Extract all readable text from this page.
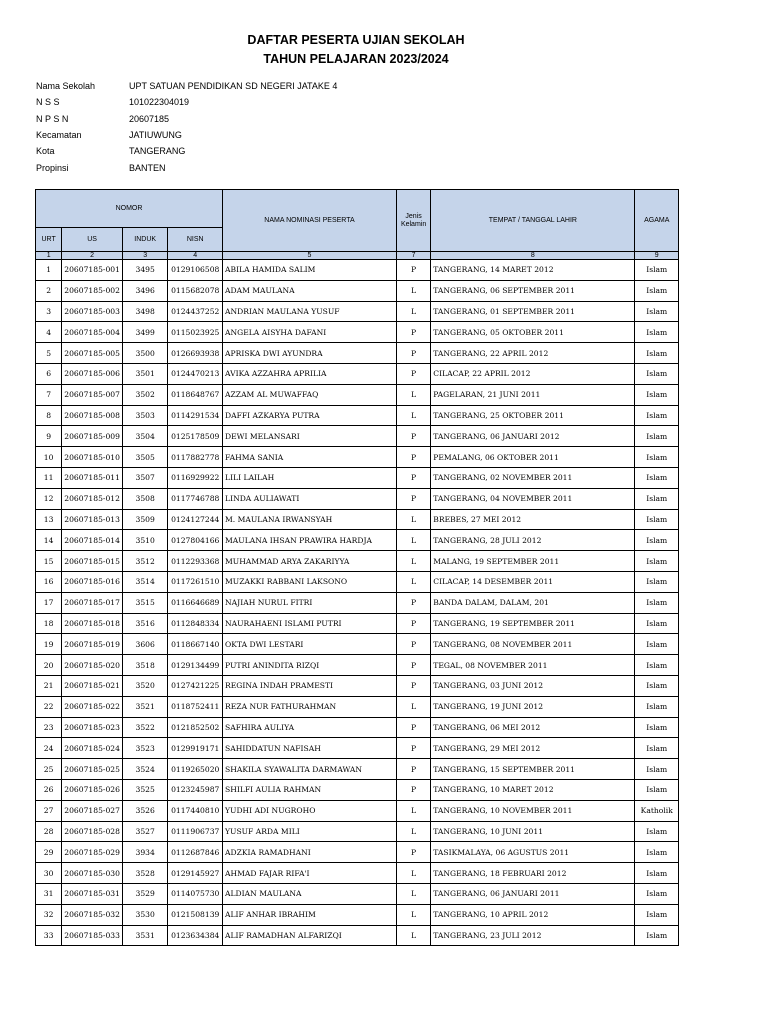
DAFTAR PESERTA UJIAN SEKOLAH
TAHUN PELAJARAN 2023/2024
Nama Sekolah	UPT SATUAN PENDIDIKAN SD NEGERI JATAKE 4
N S S	101022304019
N P S N	20607185
Kecamatan	JATIUWUNG
Kota	TANGERANG
Propinsi	BANTEN
NOMOR				NAMA NOMINASI PESERTA	Jenis Kelamin	TEMPAT / TANGGAL LAHIR	AGAMA
URT	US	INDUK	NISN				
1	2	3	4	5	7	8	9
1	20607185-001	3495	0129106508	ABILA HAMIDA SALIM	P	TANGERANG, 14 MARET 2012	Islam
2	20607185-002	3496	0115682078	ADAM MAULANA	L	TANGERANG, 06 SEPTEMBER 2011	Islam
3	20607185-003	3498	0124437252	ANDRIAN MAULANA YUSUF	L	TANGERANG, 01 SEPTEMBER 2011	Islam
4	20607185-004	3499	0115023925	ANGELA AISYHA DAFANI	P	TANGERANG, 05 OKTOBER 2011	Islam
5	20607185-005	3500	0126693938	APRISKA DWI AYUNDRA	P	TANGERANG, 22 APRIL 2012	Islam
6	20607185-006	3501	0124470213	AVIKA AZZAHRA APRILIA	P	CILACAP, 22 APRIL 2012	Islam
7	20607185-007	3502	0118648767	AZZAM AL MUWAFFAQ	L	PAGELARAN, 21 JUNI 2011	Islam
8	20607185-008	3503	0114291534	DAFFI AZKARYA PUTRA	L	TANGERANG, 25 OKTOBER 2011	Islam
9	20607185-009	3504	0125178509	DEWI MELANSARI	P	TANGERANG, 06 JANUARI 2012	Islam
10	20607185-010	3505	0117882778	FAHMA SANIA	P	PEMALANG, 06 OKTOBER 2011	Islam
11	20607185-011	3507	0116929922	LILI LAILAH	P	TANGERANG, 02 NOVEMBER 2011	Islam
12	20607185-012	3508	0117746788	LINDA AULIAWATI	P	TANGERANG, 04 NOVEMBER 2011	Islam
13	20607185-013	3509	0124127244	M. MAULANA IRWANSYAH	L	BREBES, 27 MEI 2012	Islam
14	20607185-014	3510	0127804166	MAULANA IHSAN PRAWIRA HARDJA	L	TANGERANG, 28 JULI 2012	Islam
15	20607185-015	3512	0112293368	MUHAMMAD ARYA ZAKARIYYA	L	MALANG, 19 SEPTEMBER 2011	Islam
16	20607185-016	3514	0117261510	MUZAKKI RABBANI LAKSONO	L	CILACAP, 14 DESEMBER 2011	Islam
17	20607185-017	3515	0116646689	NAJIAH NURUL FITRI	P	BANDA DALAM, DALAM, 201	Islam
18	20607185-018	3516	0112848334	NAURAHAENI ISLAMI PUTRI	P	TANGERANG, 19 SEPTEMBER 2011	Islam
19	20607185-019	3606	0118667140	OKTA DWI LESTARI	P	TANGERANG, 08 NOVEMBER 2011	Islam
20	20607185-020	3518	0129134499	PUTRI ANINDITA RIZQI	P	TEGAL, 08 NOVEMBER 2011	Islam
21	20607185-021	3520	0127421225	REGINA INDAH PRAMESTI	P	TANGERANG, 03 JUNI 2012	Islam
22	20607185-022	3521	0118752411	REZA NUR FATHURAHMAN	L	TANGERANG, 19 JUNI 2012	Islam
23	20607185-023	3522	0121852502	SAFHIRA AULIYA	P	TANGERANG, 06 MEI 2012	Islam
24	20607185-024	3523	0129919171	SAHIDDATUN NAFISAH	P	TANGERANG, 29 MEI 2012	Islam
25	20607185-025	3524	0119265020	SHAKILA SYAWALITA DARMAWAN	P	TANGERANG, 15 SEPTEMBER 2011	Islam
26	20607185-026	3525	0123245987	SHILFI AULIA RAHMAN	P	TANGERANG, 10 MARET 2012	Islam
27	20607185-027	3526	0117440810	YUDHI ADI NUGROHO	L	TANGERANG, 10 NOVEMBER 2011	Katholik
28	20607185-028	3527	0111906737	YUSUF ARDA MILI	L	TANGERANG, 10 JUNI 2011	Islam
29	20607185-029	3934	0112687846	ADZKIA RAMADHANI	P	TASIKMALAYA, 06 AGUSTUS 2011	Islam
30	20607185-030	3528	0129145927	AHMAD FAJAR RIFA'I	L	TANGERANG, 18 FEBRUARI 2012	Islam
31	20607185-031	3529	0114075730	ALDIAN MAULANA	L	TANGERANG, 06 JANUARI 2011	Islam
32	20607185-032	3530	0121508139	ALIF ANHAR IBRAHIM	L	TANGERANG, 10 APRIL 2012	Islam
33	20607185-033	3531	0123634384	ALIF RAMADHAN ALFARIZQI	L	TANGERANG, 23 JULI 2012	Islam
